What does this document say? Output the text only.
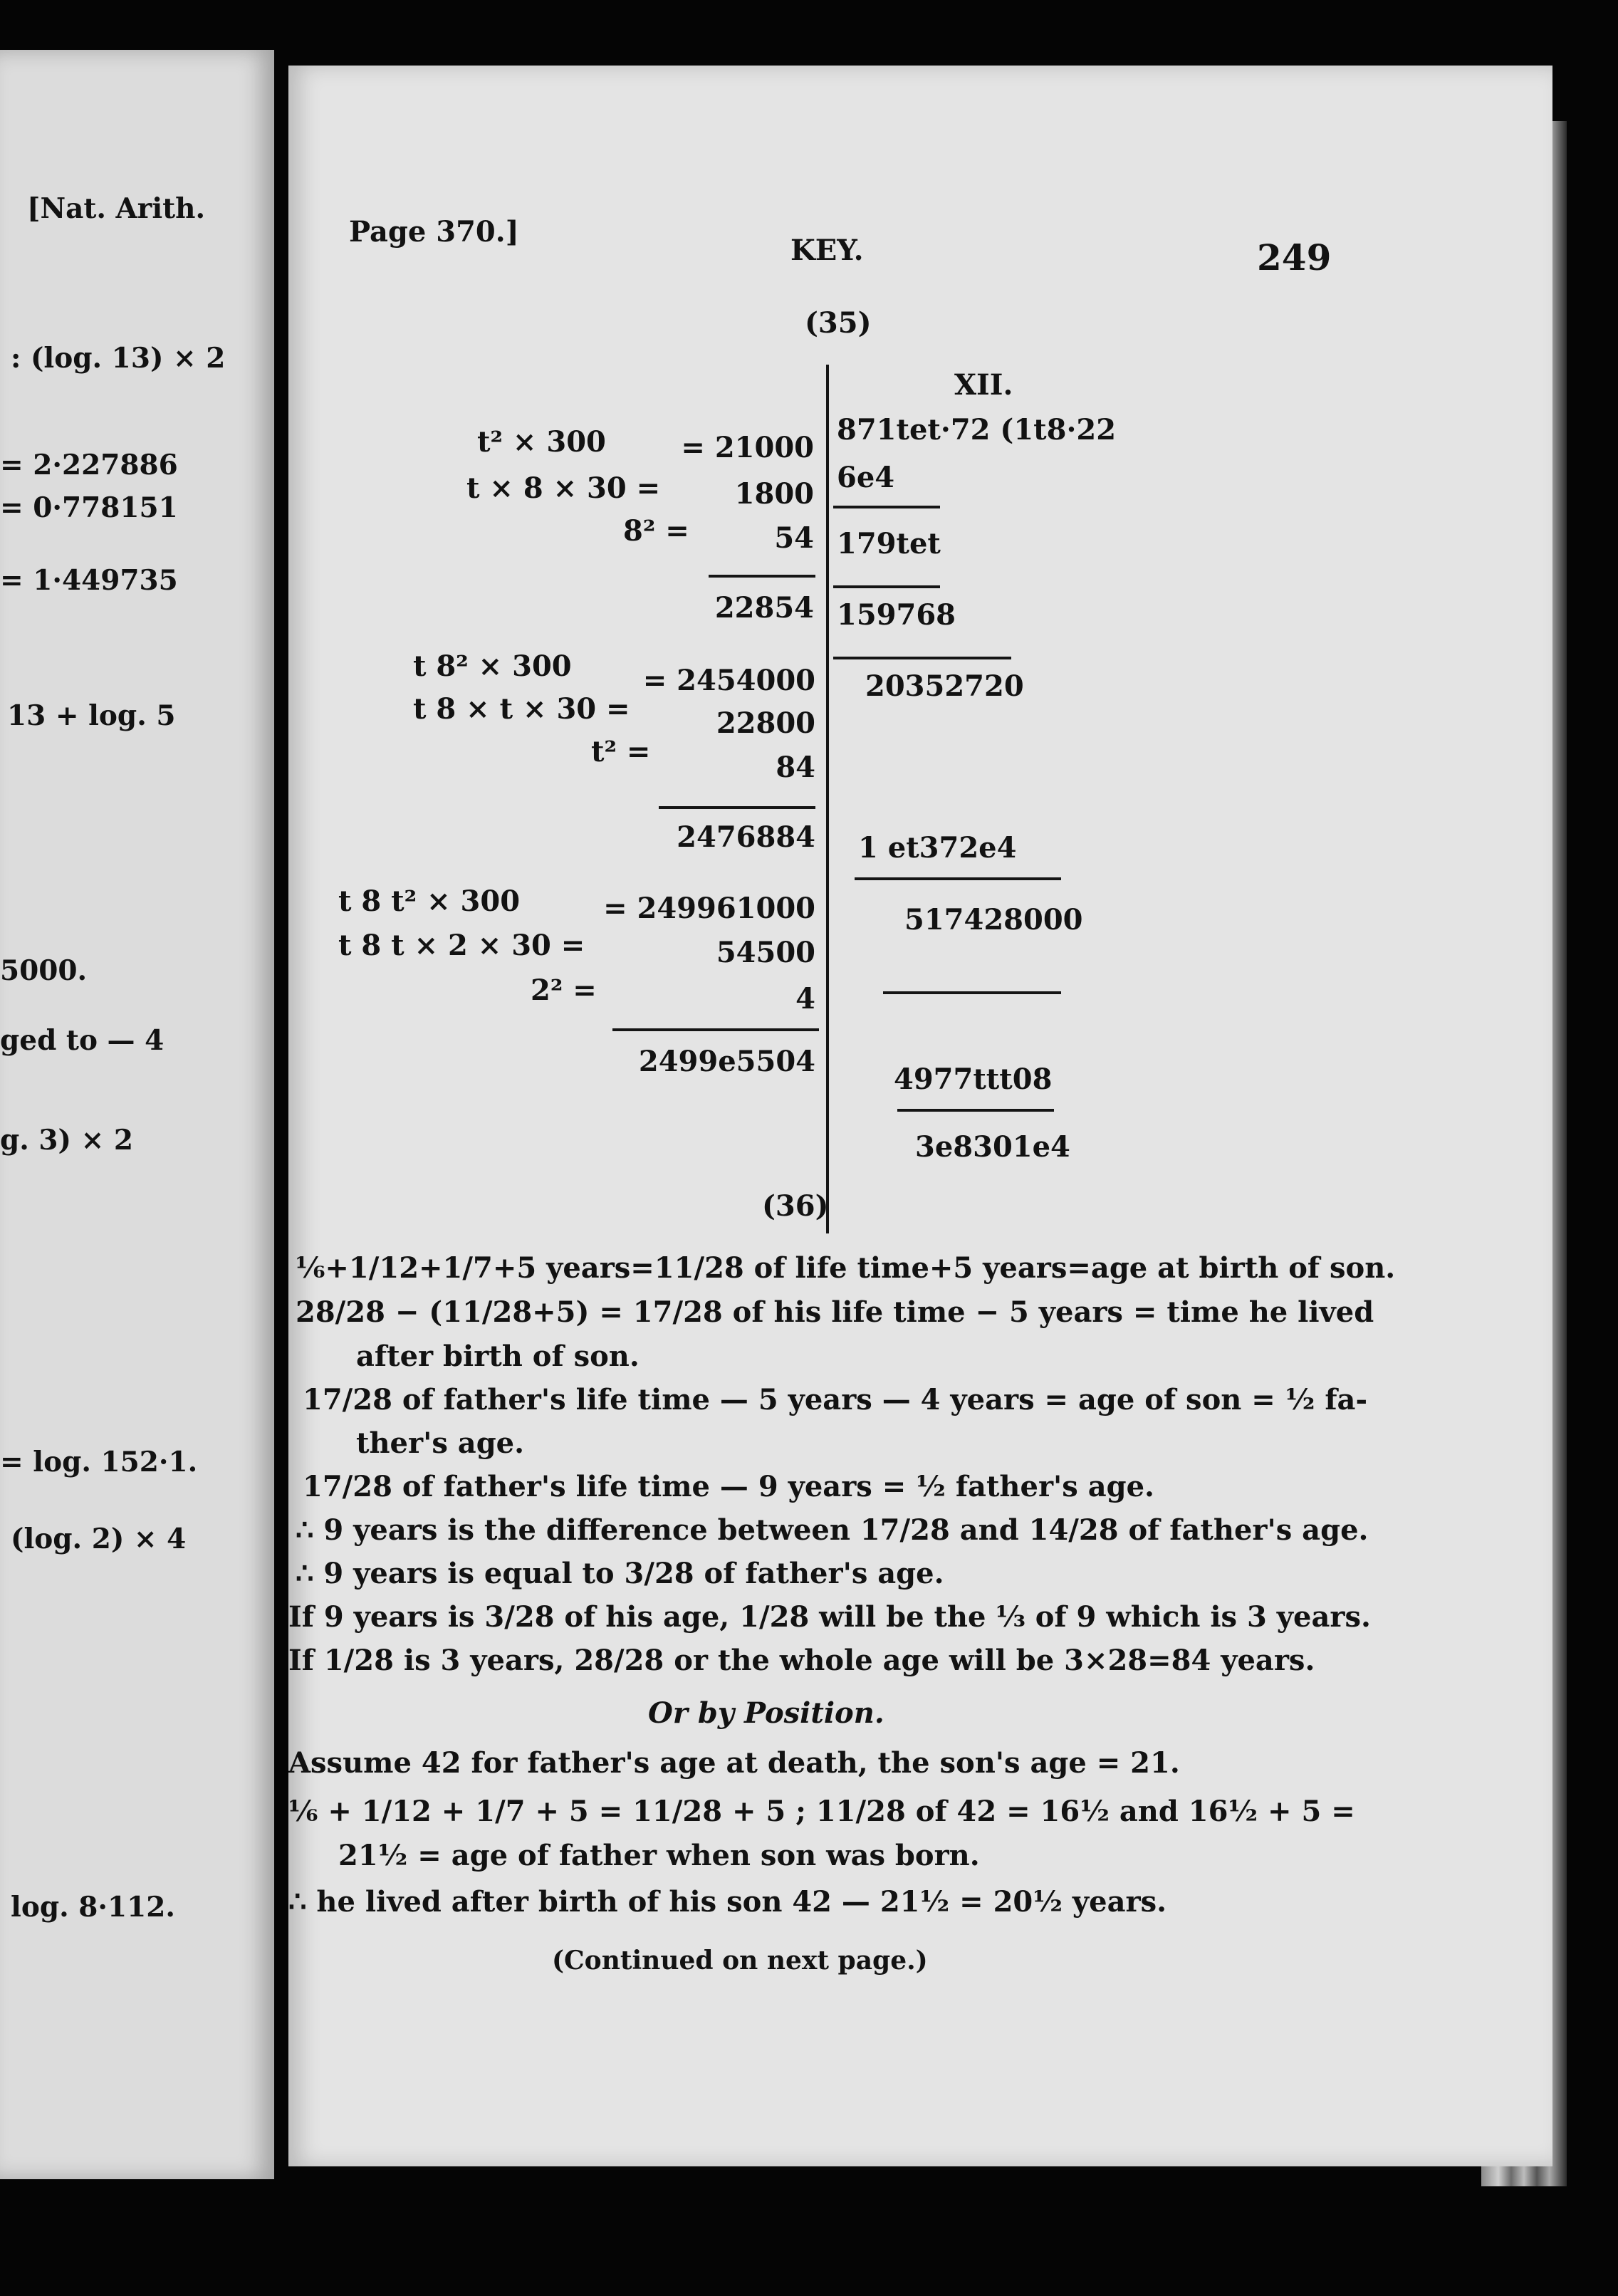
[Nat. Arith.
: (log. 13) × 2
= 2·227886
= 0·778151
= 1·449735
13 + log. 5
5000.
ged to — 4
g. 3) × 2
= log. 152·1.
(log. 2) × 4
log. 8·112.
Page 370.]
KEY.	249
(35)
t² × 300	= 21000
t × 8 × 30 =	1800
8² =	54
22854
t 8² × 300	= 2454000
t 8 × t × 30 =	22800
t² =	84
2476884
t 8 t² × 300	= 249961000
t 8 t × 2 × 30 =	54500
2² =	4
2499e5504
XII.
871tet·72 (1t8·22
6e4
179tet
159768
20352720
1 et372e4
517428000
4977ttt08
3e8301e4
(36)
⅙+1/12+1/7+5 years=11/28 of life time+5 years=age at birth of son.
28/28 − (11/28+5) = 17/28 of his life time − 5 years = time he lived
after birth of son.
17/28 of father's life time — 5 years — 4 years = age of son = ½ fa-
ther's age.
17/28 of father's life time — 9 years = ½ father's age.
∴ 9 years is the difference between 17/28 and 14/28 of father's age.
∴ 9 years is equal to 3/28 of father's age.
If 9 years is 3/28 of his age, 1/28 will be the ⅓ of 9 which is 3 years.
If 1/28 is 3 years, 28/28 or the whole age will be 3×28=84 years.
Or by Position.
Assume 42 for father's age at death, the son's age = 21.
⅙ + 1/12 + 1/7 + 5 = 11/28 + 5 ; 11/28 of 42 = 16½ and 16½ + 5 =
21½ = age of father when son was born.
∴ he lived after birth of his son 42 — 21½ = 20½ years.
(Continued on next page.)
